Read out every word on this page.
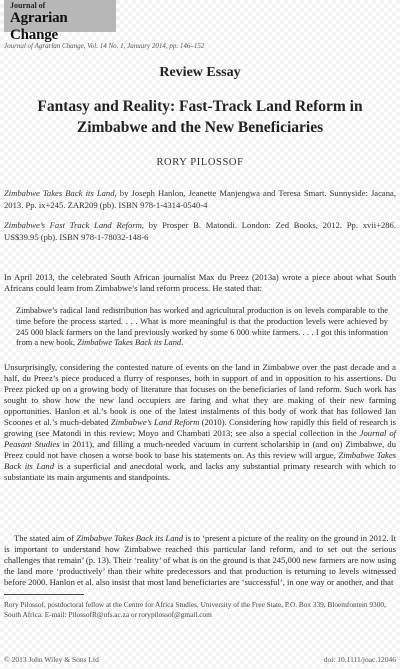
Journal of
Agrarian Change
Journal of Agrarian Change, Vol. 14 No. 1, January 2014, pp. 146–152
Review Essay
Fantasy and Reality: Fast-Track Land Reform in
Zimbabwe and the New Beneficiaries
RORY PILOSSOF
Zimbabwe Takes Back its Land, by Joseph Hanlon, Jeanette Manjengwa and Teresa Smart. Sunnyside: Jacana, 2013. Pp. ix+245. ZAR209 (pb). ISBN 978-1-4314-0540-4
Zimbabwe’s Fast Track Land Reform, by Prosper B. Matondi. London: Zed Books, 2012. Pp. xvii+286. US$39.95 (pb). ISBN 978-1-78032-148-6

In April 2013, the celebrated South African journalist Max du Preez (2013a) wrote a piece about what South Africans could learn from Zimbabwe’s land reform process. He stated that:

Zimbabwe’s radical land redistribution has worked and agricultural production is on levels comparable to the time before the process started. . . . What is more meaningful is that the production levels were achieved by 245 000 black farmers on the land previously worked by some 6 000 white farmers. . . . I got this information from a new book, Zimbabwe Takes Back its Land.

Unsurprisingly, considering the contested nature of events on the land in Zimbabwe over the past decade and a half, du Preez’s piece produced a flurry of responses, both in support of and in opposition to his assertions. Du Preez picked up on a growing body of literature that focuses on the beneficiaries of land reform. Such work has sought to show how the new land occupiers are faring and what they are making of their new farming opportunities. Hanlon et al.’s book is one of the latest instalments of this body of work that has followed Ian Scoones et al.’s much-debated Zimbabwe’s Land Reform (2010). Considering how rapidly this field of research is growing (see Matondi in this review; Moyo and Chambati 2013; see also a special collection in the Journal of Peasant Studies in 2011), and filling a much-needed vacuum in current scholarship in (and on) Zimbabwe, du Preez could not have chosen a worse book to base his statements on. As this review will argue, Zimbabwe Takes Back its Land is a superficial and anecdotal work, and lacks any substantial primary research with which to substantiate its main arguments and standpoints.

The stated aim of Zimbabwe Takes Back its Land is to ‘present a picture of the reality on the ground in 2012. It is important to understand how Zimbabwe reached this particular land reform, and to set out the serious challenges that remain’ (p. 13). Their ‘reality’ of what is on the ground is that 245,000 new farmers are now using the land more ‘productively’ than their white predecessors and that production is returning to levels witnessed before 2000. Hanlon et al. also insist that most land beneficiaries are ‘successful’, in one way or another, and that

Rory Pilossof, postdoctoral fellow at the Centre for Africa Studies, University of the Free State, P.O. Box 339, Bloemfontein 9300, South Africa. E-mail: PilossofR@ufs.ac.za or rorypilossof@gmail.com
© 2013 John Wiley & Sons Ltd	doi: 10.1111/joac.12046
